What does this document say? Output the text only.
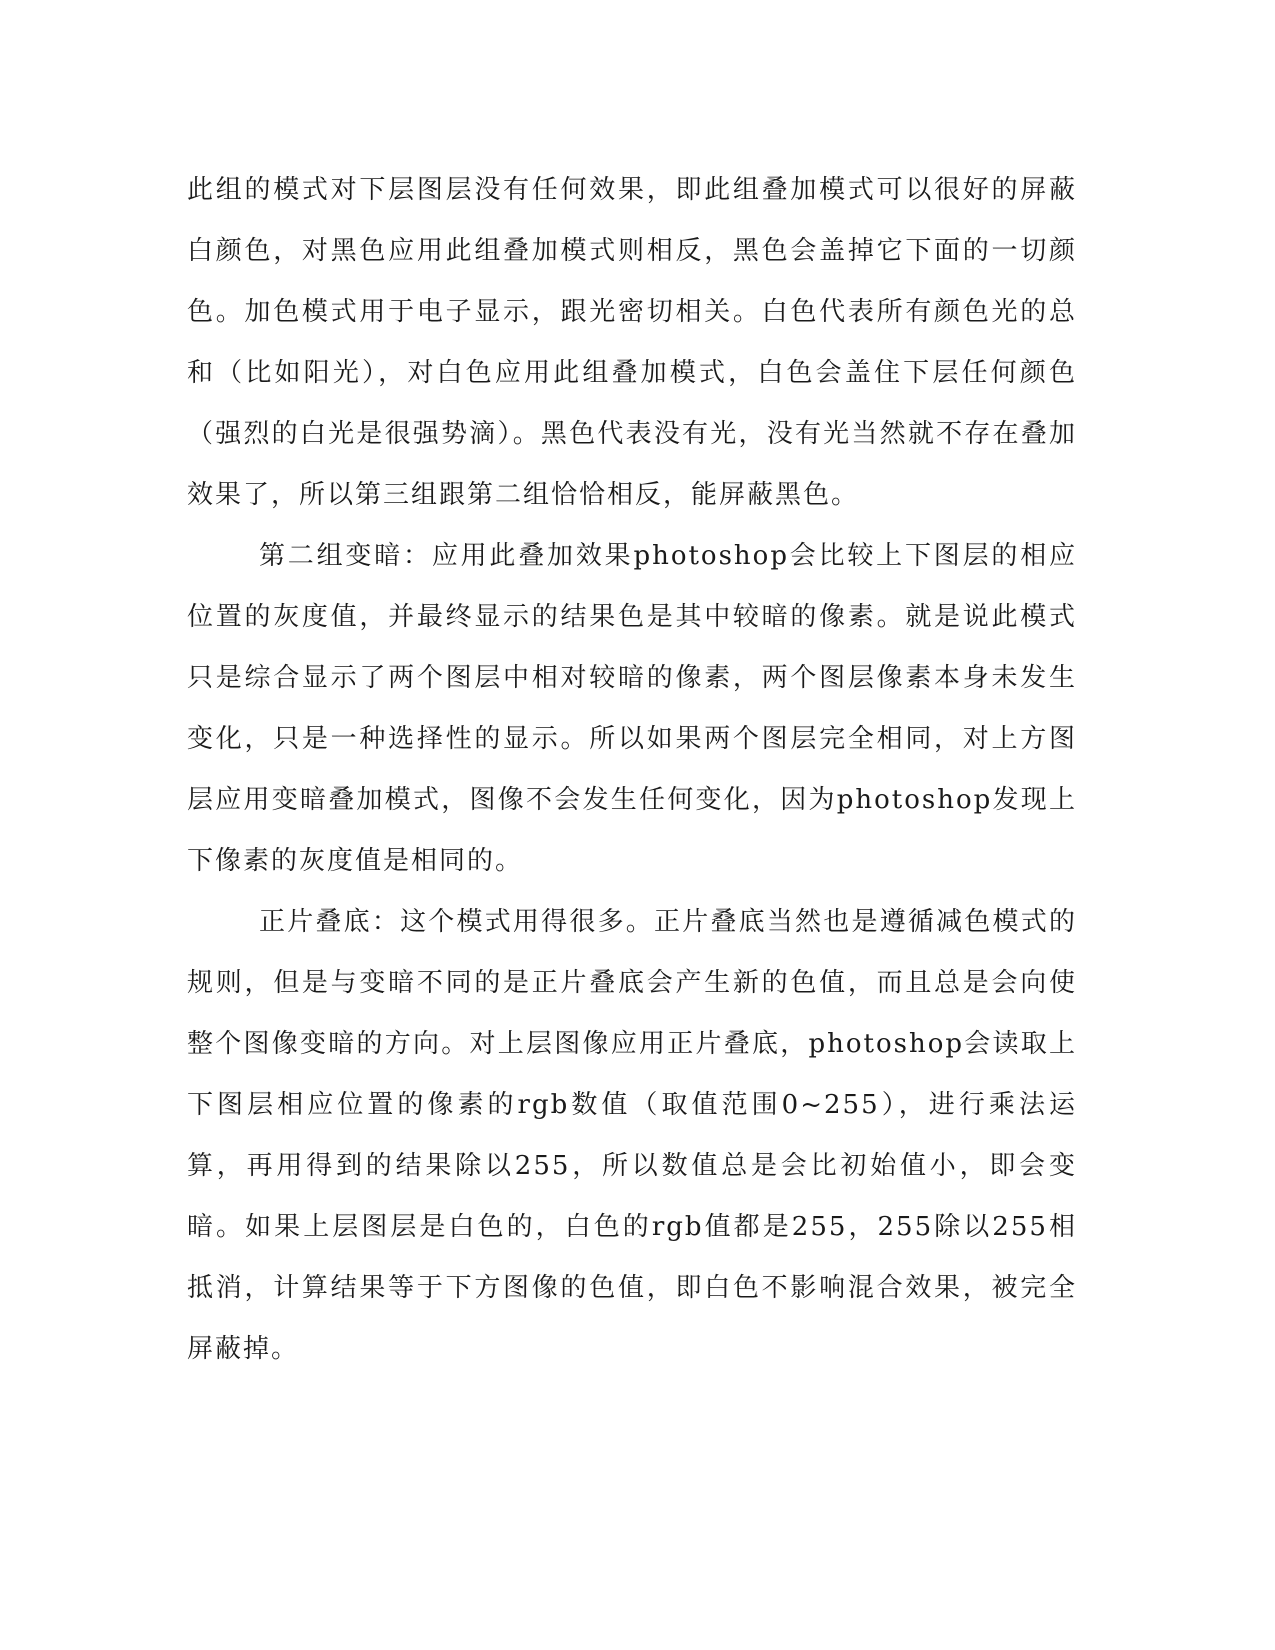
此组的模式对下层图层没有任何效果，即此组叠加模式可以很好的屏蔽白颜色，对黑色应用此组叠加模式则相反，黑色会盖掉它下面的一切颜色。加色模式用于电子显示，跟光密切相关。白色代表所有颜色光的总和（比如阳光），对白色应用此组叠加模式，白色会盖住下层任何颜色（强烈的白光是很强势滴）。黑色代表没有光，没有光当然就不存在叠加效果了，所以第三组跟第二组恰恰相反，能屏蔽黑色。

第二组变暗：应用此叠加效果photoshop会比较上下图层的相应位置的灰度值，并最终显示的结果色是其中较暗的像素。就是说此模式只是综合显示了两个图层中相对较暗的像素，两个图层像素本身未发生变化，只是一种选择性的显示。所以如果两个图层完全相同，对上方图层应用变暗叠加模式，图像不会发生任何变化，因为photoshop发现上下像素的灰度值是相同的。

正片叠底：这个模式用得很多。正片叠底当然也是遵循减色模式的规则，但是与变暗不同的是正片叠底会产生新的色值，而且总是会向使整个图像变暗的方向。对上层图像应用正片叠底，photoshop会读取上下图层相应位置的像素的rgb数值（取值范围0~255），进行乘法运算，再用得到的结果除以255，所以数值总是会比初始值小，即会变暗。如果上层图层是白色的，白色的rgb值都是255，255除以255相抵消，计算结果等于下方图像的色值，即白色不影响混合效果，被完全屏蔽掉。
